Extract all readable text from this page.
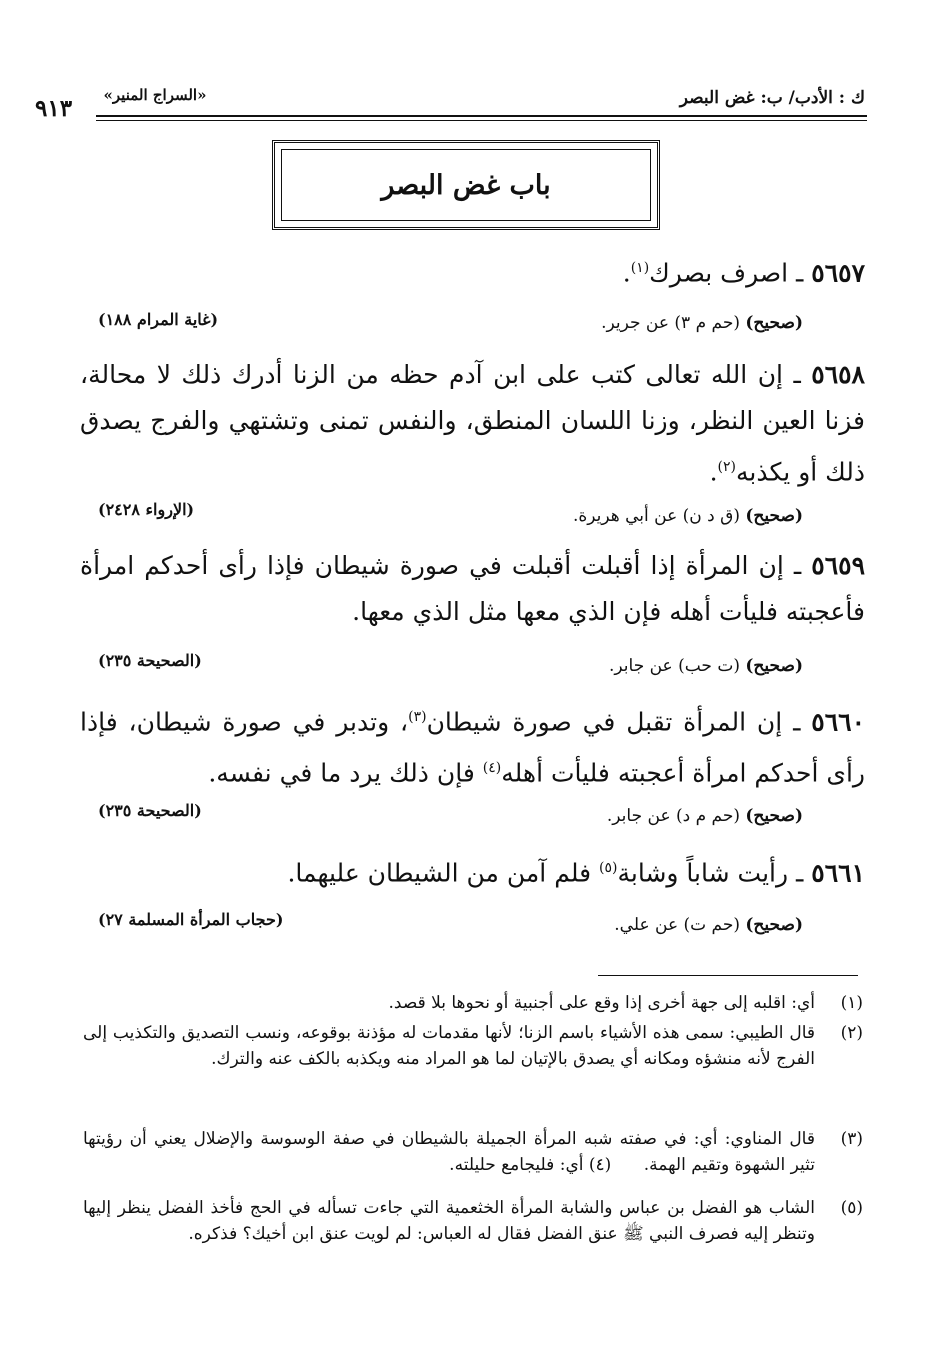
ك : الأدب/ ب: غض البصر
«السراج المنير»
٩١٣
باب غض البصر
٥٦٥٧ ـ اصرف بصرك$^{(١)}$.
(صحيح) (حم م ٣) عن جرير.
(غاية المرام ١٨٨)
٥٦٥٨ ـ إن الله تعالى كتب على ابن آدم حظه من الزنا أدرك ذلك لا محالة، فزنا العين النظر، وزنا اللسان المنطق، والنفس تمنى وتشتهي والفرج يصدق ذلك أو يكذبه$^{(٢)}$.
(صحيح) (ق د ن) عن أبي هريرة.
(الإرواء ٢٤٢٨)
٥٦٥٩ ـ إن المرأة إذا أقبلت أقبلت في صورة شيطان فإذا رأى أحدكم امرأة فأعجبته فليأت أهله فإن الذي معها مثل الذي معها.
(صحيح) (ت حب) عن جابر.
(الصحيحة ٢٣٥)
٥٦٦٠ ـ إن المرأة تقبل في صورة شيطان$^{(٣)}$، وتدبر في صورة شيطان، فإذا رأى أحدكم امرأة أعجبته فليأت أهله$^{(٤)}$ فإن ذلك يرد ما في نفسه.
(صحيح) (حم م د) عن جابر.
(الصحيحة ٢٣٥)
٥٦٦١ ـ رأيت شاباً وشابة$^{(٥)}$ فلم آمن من الشيطان عليهما.
(صحيح) (حم ت) عن علي.
(حجاب المرأة المسلمة ٢٧)
(١)
أي: اقلبه إلى جهة أخرى إذا وقع على أجنبية أو نحوها بلا قصد.
(٢)
قال الطيبي: سمى هذه الأشياء باسم الزنا؛ لأنها مقدمات له مؤذنة بوقوعه، ونسب التصديق والتكذيب إلى الفرج لأنه منشؤه ومكانه أي يصدق بالإتيان لما هو المراد منه ويكذبه بالكف عنه والترك.
(٣)
قال المناوي: أي: في صفته شبه المرأة الجميلة بالشيطان في صفة الوسوسة والإضلال يعني أن رؤيتها تثير الشهوة وتقيم الهمة.      (٤) أي: فليجامع حليلته.
(٥)
الشاب هو الفضل بن عباس والشابة المرأة الخثعمية التي جاءت تسأله في الحج فأخذ الفضل ينظر إليها وتنظر إليه فصرف النبي ﷺ عنق الفضل فقال له العباس: لم لويت عنق ابن أخيك؟ فذكره.
